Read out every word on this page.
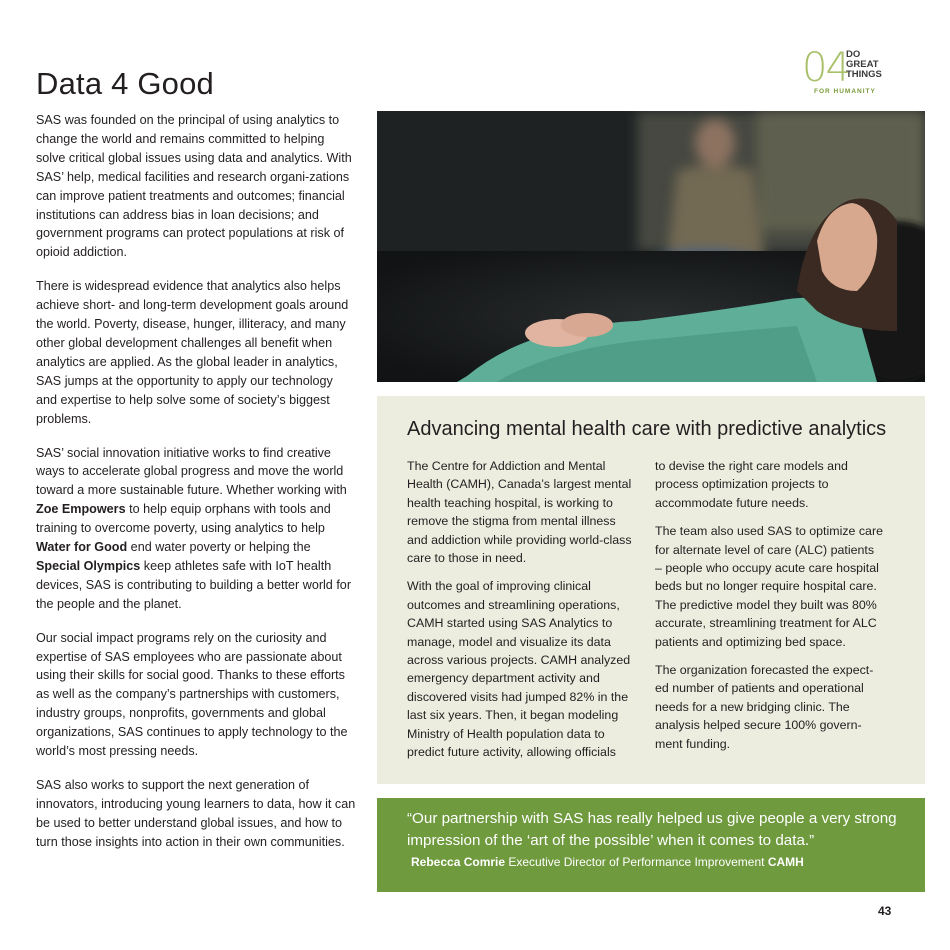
Data 4 Good	04
DO
GREAT
THINGS
FOR HUMANITY

SAS was founded on the principal of using analytics to change the world and remains committed to helping solve critical global issues using data and analytics. With SAS’ help, medical facilities and research organi-zations can improve patient treatments and outcomes; financial institutions can address bias in loan decisions; and government programs can protect populations at risk of opioid addiction.

There is widespread evidence that analytics also helps achieve short- and long-term development goals around the world. Poverty, disease, hunger, illiteracy, and many other global development challenges all benefit when analytics are applied. As the global leader in analytics, SAS jumps at the opportunity to apply our technology and expertise to help solve some of society’s biggest problems.

SAS’ social innovation initiative works to find creative ways to accelerate global progress and move the world toward a more sustainable future. Whether working with Zoe Empowers to help equip orphans with tools and training to overcome poverty, using analytics to help Water for Good end water poverty or helping the Special Olympics keep athletes safe with IoT health devices, SAS is contributing to building a better world for the people and the planet.

Our social impact programs rely on the curiosity and expertise of SAS employees who are passionate about using their skills for social good. Thanks to these efforts as well as the company’s partnerships with customers, industry groups, nonprofits, governments and global organizations, SAS continues to apply technology to the world’s most pressing needs.

SAS also works to support the next generation of innovators, introducing young learners to data, how it can be used to better understand global issues, and how to turn those insights into action in their own communities.

Advancing mental health care with predictive analytics

The Centre for Addiction and Mental Health (CAMH), Canada’s largest mental health teaching hospital, is working to remove the stigma from mental illness and addiction while providing world-class care to those in need.

With the goal of improving clinical outcomes and streamlining operations, CAMH started using SAS Analytics to manage, model and visualize its data across various projects. CAMH analyzed emergency department activity and discovered visits had jumped 82% in the last six years. Then, it began modeling Ministry of Health population data to predict future activity, allowing officials

to devise the right care models and process optimization projects to accommodate future needs.

The team also used SAS to optimize care for alternate level of care (ALC) patients – people who occupy acute care hospital beds but no longer require hospital care. The predictive model they built was 80% accurate, streamlining treatment for ALC patients and optimizing bed space.

The organization forecasted the expect-ed number of patients and operational needs for a new bridging clinic. The analysis helped secure 100% govern-ment funding.

“Our partnership with SAS has really helped us give people a very strong impression of the ‘art of the possible’ when it comes to data.”
Rebecca Comrie Executive Director of Performance Improvement CAMH
43
